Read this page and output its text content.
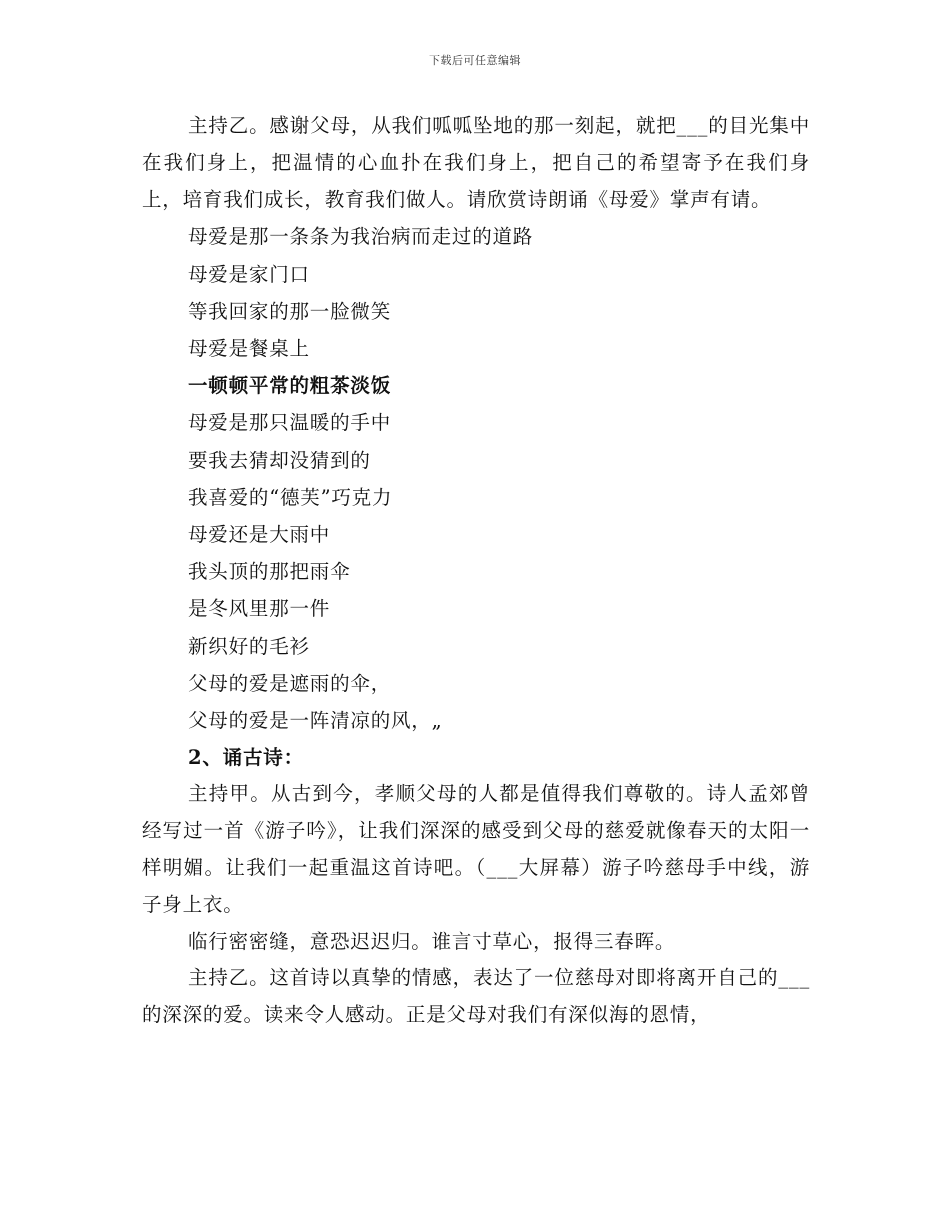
下载后可任意编辑

主持乙。感谢父母，从我们呱呱坠地的那一刻起，就把___的目光集中在我们身上，把温情的心血扑在我们身上，把自己的希望寄予在我们身上，培育我们成长，教育我们做人。请欣赏诗朗诵《母爱》掌声有请。

母爱是那一条条为我治病而走过的道路

母爱是家门口

等我回家的那一脸微笑

母爱是餐桌上

一顿顿平常的粗茶淡饭

母爱是那只温暖的手中

要我去猜却没猜到的

我喜爱的“德芙”巧克力

母爱还是大雨中

我头顶的那把雨伞

是冬风里那一件

新织好的毛衫

父母的爱是遮雨的伞，

父母的爱是一阵清凉的风，„

2、诵古诗：

主持甲。从古到今，孝顺父母的人都是值得我们尊敬的。诗人孟郊曾经写过一首《游子吟》，让我们深深的感受到父母的慈爱就像春天的太阳一样明媚。让我们一起重温这首诗吧。（___大屏幕）游子吟慈母手中线，游子身上衣。

临行密密缝，意恐迟迟归。谁言寸草心，报得三春晖。

主持乙。这首诗以真挚的情感，表达了一位慈母对即将离开自己的___的深深的爱。读来令人感动。正是父母对我们有深似海的恩情，
